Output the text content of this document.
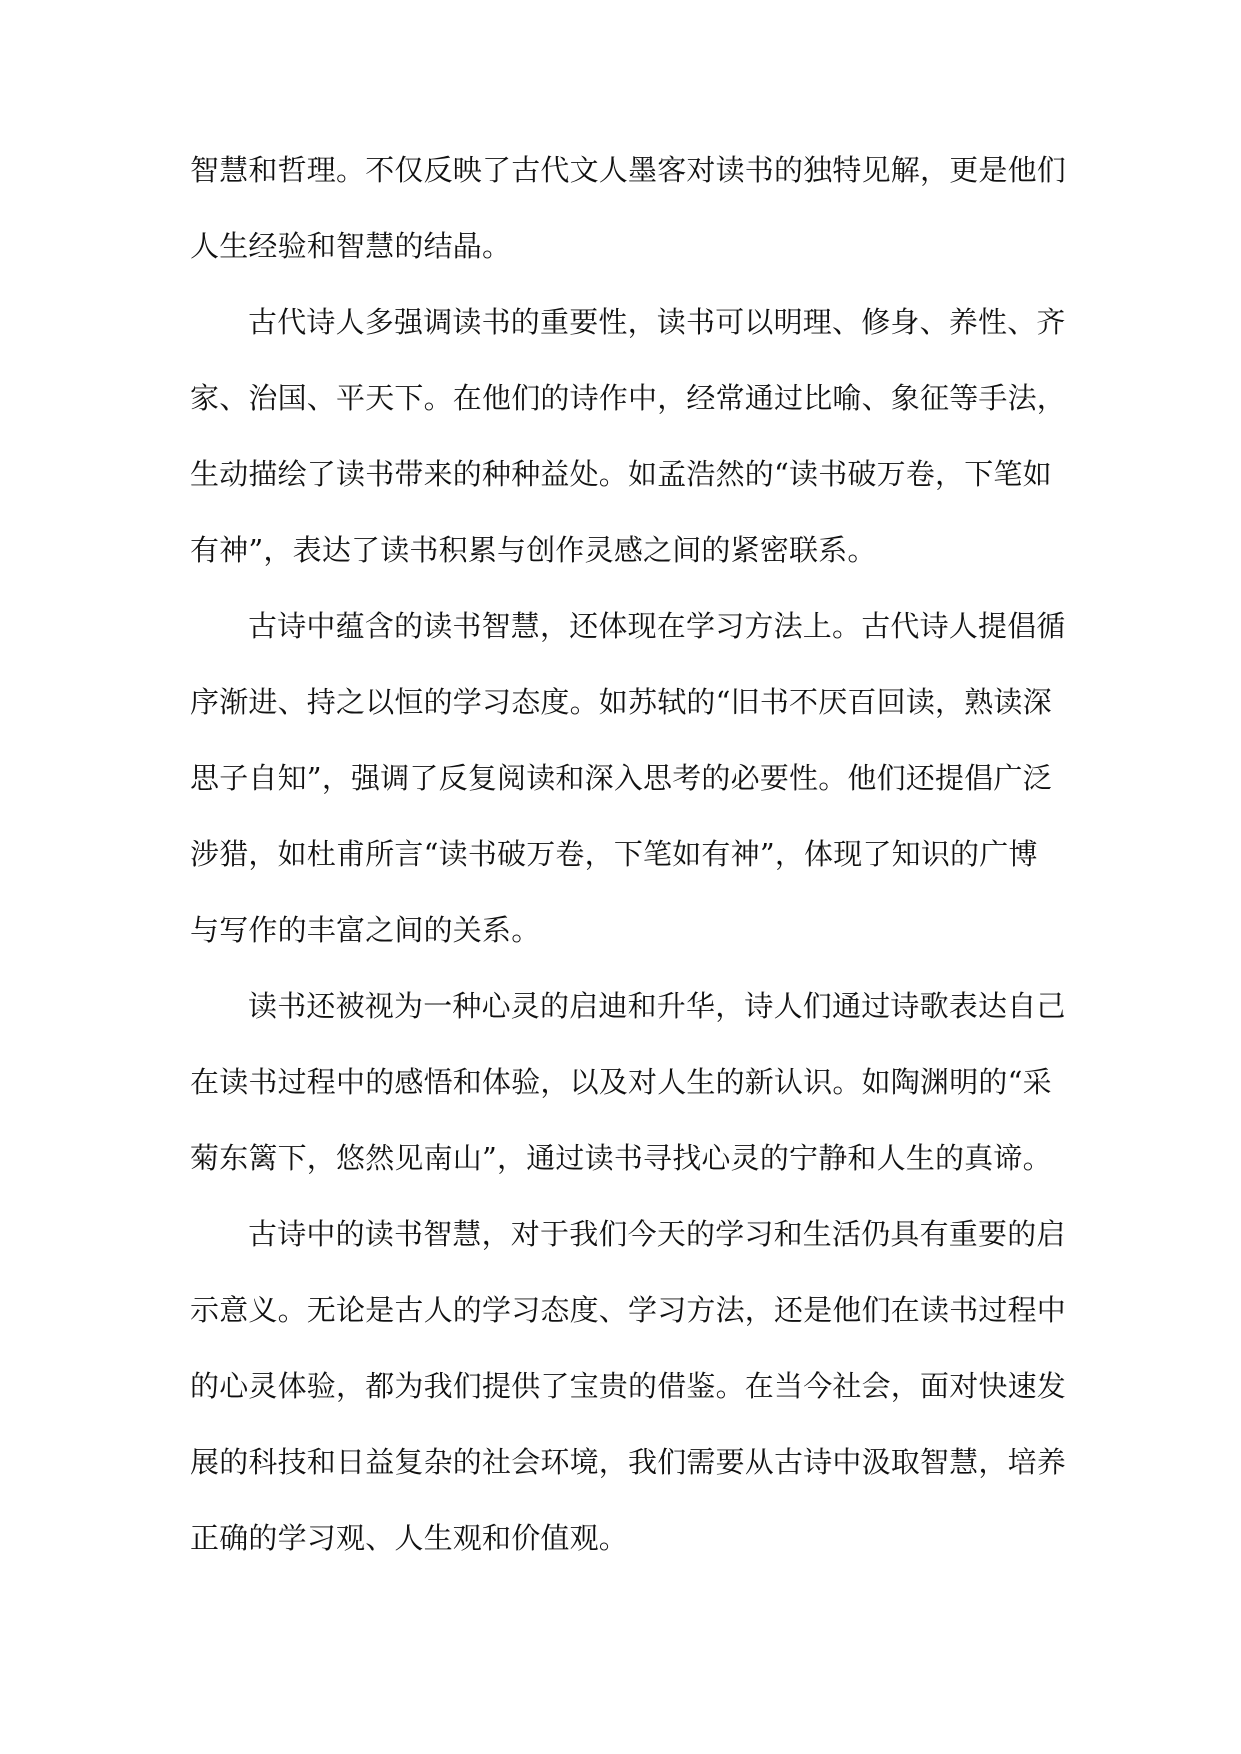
智慧和哲理。不仅反映了古代文人墨客对读书的独特见解，更是他们
人生经验和智慧的结晶。
古代诗人多强调读书的重要性，读书可以明理、修身、养性、齐
家、治国、平天下。在他们的诗作中，经常通过比喻、象征等手法，
生动描绘了读书带来的种种益处。如孟浩然的“读书破万卷，下笔如
有神”，表达了读书积累与创作灵感之间的紧密联系。
古诗中蕴含的读书智慧，还体现在学习方法上。古代诗人提倡循
序渐进、持之以恒的学习态度。如苏轼的“旧书不厌百回读，熟读深
思子自知”，强调了反复阅读和深入思考的必要性。他们还提倡广泛
涉猎，如杜甫所言“读书破万卷，下笔如有神”，体现了知识的广博
与写作的丰富之间的关系。
读书还被视为一种心灵的启迪和升华，诗人们通过诗歌表达自己
在读书过程中的感悟和体验，以及对人生的新认识。如陶渊明的“采
菊东篱下，悠然见南山”，通过读书寻找心灵的宁静和人生的真谛。
古诗中的读书智慧，对于我们今天的学习和生活仍具有重要的启
示意义。无论是古人的学习态度、学习方法，还是他们在读书过程中
的心灵体验，都为我们提供了宝贵的借鉴。在当今社会，面对快速发
展的科技和日益复杂的社会环境，我们需要从古诗中汲取智慧，培养
正确的学习观、人生观和价值观。
